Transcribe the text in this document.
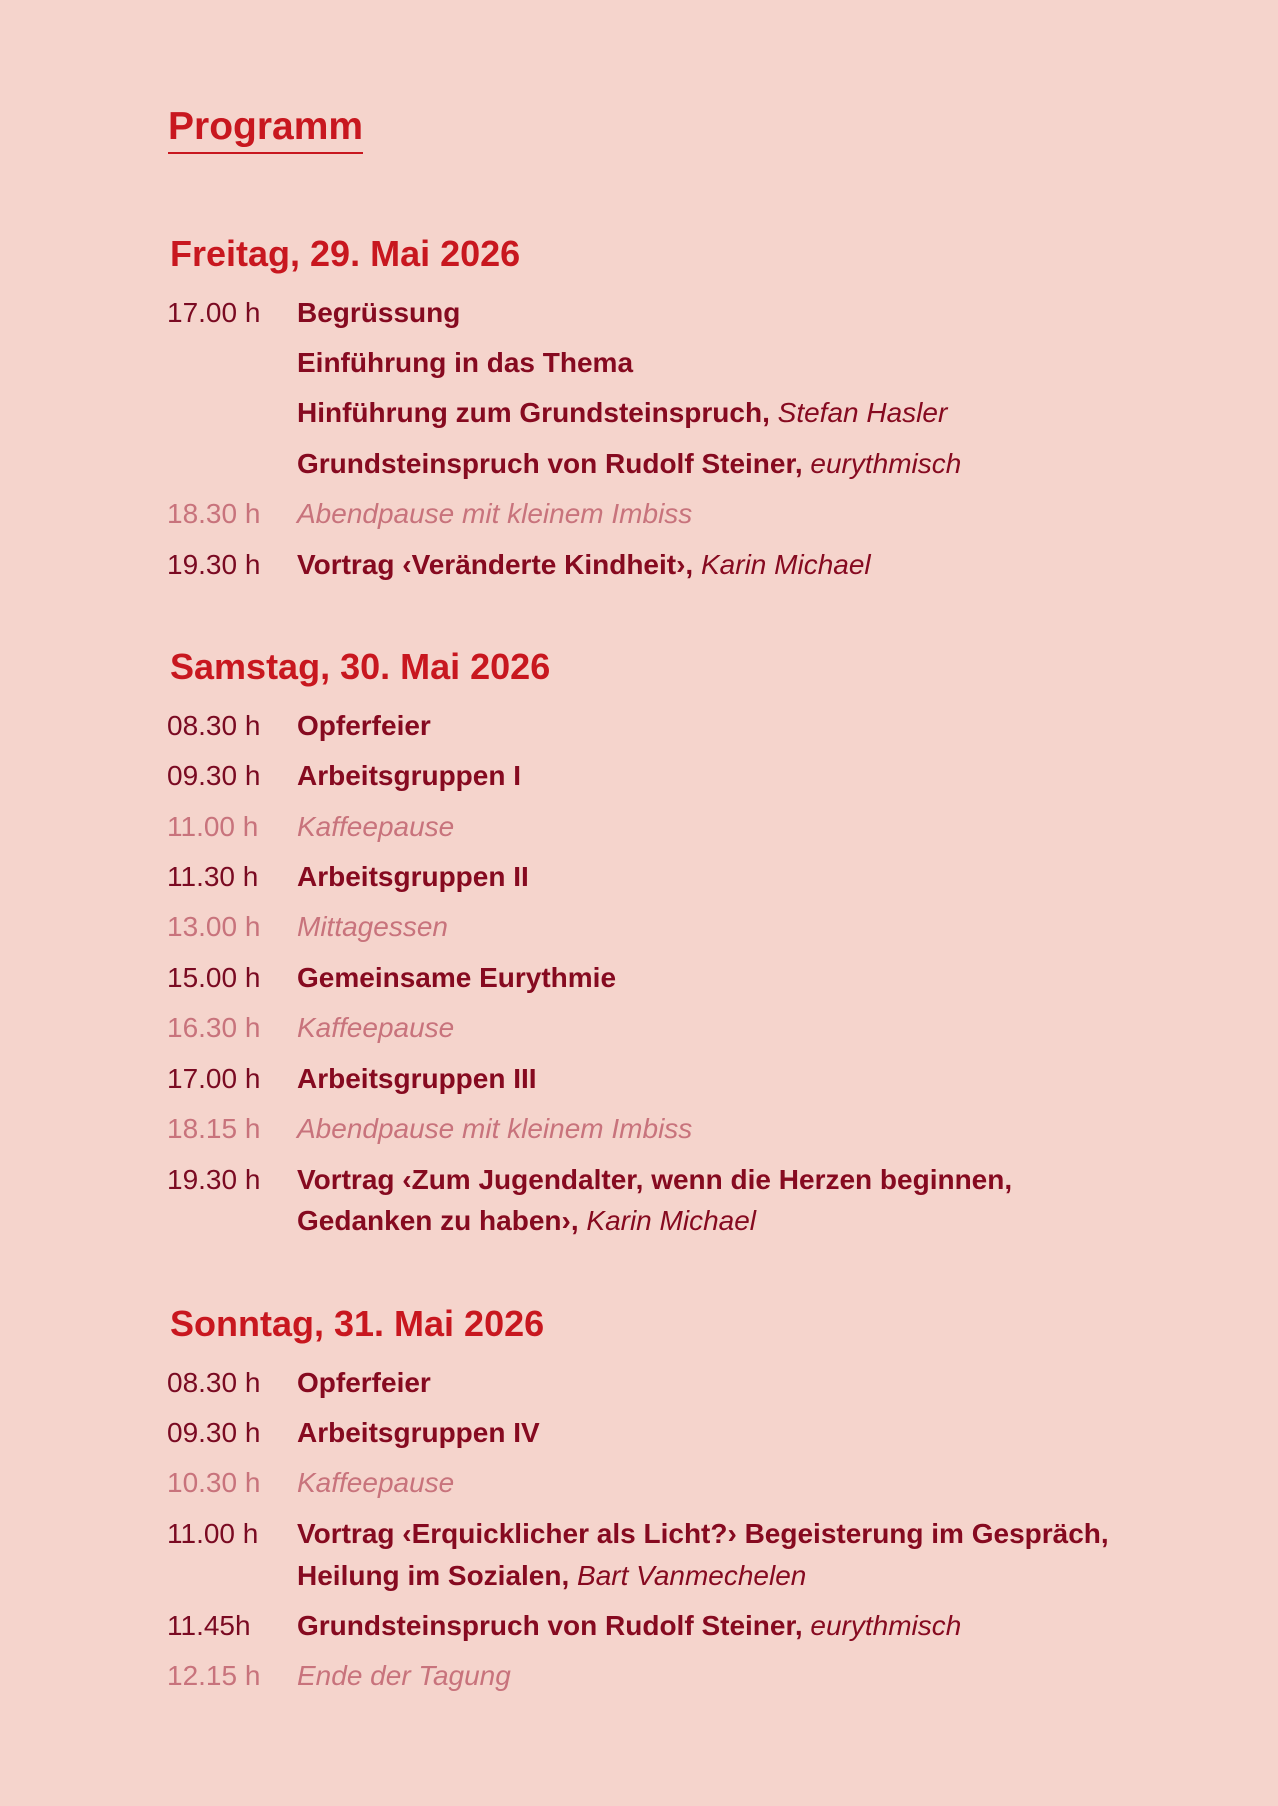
Programm
Freitag, 29. Mai 2026
17.00 h Begrüssung
Einführung in das Thema
Hinführung zum Grundsteinspruch, Stefan Hasler
Grundsteinspruch von Rudolf Steiner, eurythmisch
18.30 h Abendpause mit kleinem Imbiss
19.30 h Vortrag ‹Veränderte Kindheit›, Karin Michael
Samstag, 30. Mai 2026
08.30 h Opferfeier
09.30 h Arbeitsgruppen I
11.00 h Kaffeepause
11.30 h Arbeitsgruppen II
13.00 h Mittagessen
15.00 h Gemeinsame Eurythmie
16.30 h Kaffeepause
17.00 h Arbeitsgruppen III
18.15 h Abendpause mit kleinem Imbiss
19.30 h Vortrag ‹Zum Jugendalter, wenn die Herzen beginnen,
Gedanken zu haben›, Karin Michael
Sonntag, 31. Mai 2026
08.30 h Opferfeier
09.30 h Arbeitsgruppen IV
10.30 h Kaffeepause
11.00 h Vortrag ‹Erquicklicher als Licht?› Begeisterung im Gespräch,
Heilung im Sozialen, Bart Vanmechelen
11.45h Grundsteinspruch von Rudolf Steiner, eurythmisch
12.15 h Ende der Tagung
